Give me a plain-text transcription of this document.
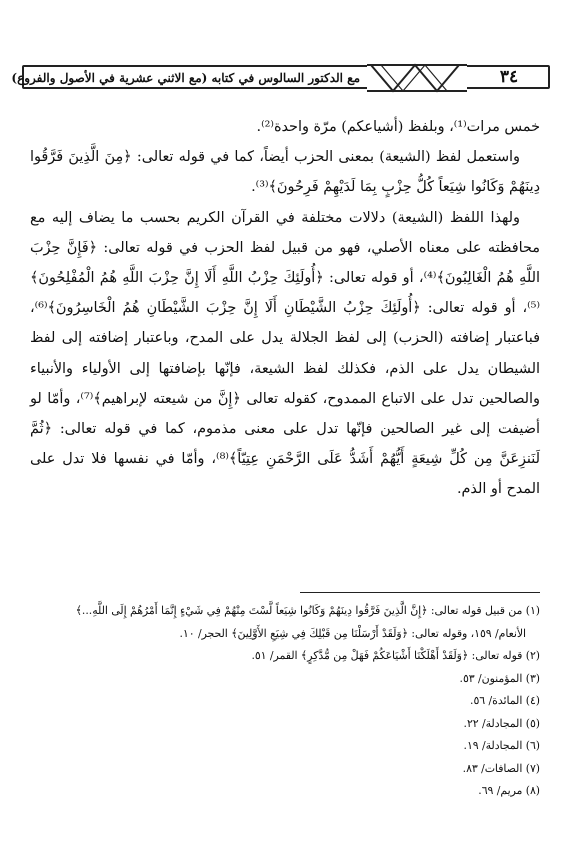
٣٤
مع الدكتور السالوس في كتابه (مع الاثني عشرية في الأصول والفروع)

خمس مرات⁽¹⁾، وبلفظ (أشياعكم) مرّة واحدة⁽²⁾.

واستعمل لفظ (الشيعة) بمعنى الحزب أيضاً، كما في قوله تعالى: ﴿مِنَ الَّذِينَ فَرَّقُوا دِينَهُمْ وَكَانُوا شِيَعاً كُلُّ حِزْبٍ بِمَا لَدَيْهِمْ فَرِحُونَ﴾⁽³⁾.

ولهذا اللفظ (الشيعة) دلالات مختلفة في القرآن الكريم بحسب ما يضاف إليه مع محافظته على معناه الأصلي، فهو من قبيل لفظ الحزب في قوله تعالى: ﴿فَإِنَّ حِزْبَ اللَّهِ هُمُ الْغَالِبُونَ﴾⁽⁴⁾، أو قوله تعالى: ﴿أُولَئِكَ حِزْبُ اللَّهِ أَلَا إِنَّ حِزْبَ اللَّهِ هُمُ الْمُفْلِحُونَ﴾⁽⁵⁾، أو قوله تعالى: ﴿أُولَئِكَ حِزْبُ الشَّيْطَانِ أَلَا إِنَّ حِزْبَ الشَّيْطَانِ هُمُ الْخَاسِرُونَ﴾⁽⁶⁾، فباعتبار إضافته (الحزب) إلى لفظ الجلالة يدل على المدح، وباعتبار إضافته إلى لفظ الشيطان يدل على الذم، فكذلك لفظ الشيعة، فإنّها بإضافتها إلى الأولياء والأنبياء والصالحين تدل على الاتباع الممدوح، كقوله تعالى ﴿إِنَّ من شيعته لإبراهيم﴾⁽⁷⁾، وأمّا لو أضيفت إلى غير الصالحين فإنّها تدل على معنى مذموم، كما في قوله تعالى: ﴿ثُمَّ لَنَنزِعَنَّ مِن كُلِّ شِيعَةٍ أَيُّهُمْ أَشَدُّ عَلَى الرَّحْمَنِ عِتِيّاً﴾⁽⁸⁾، وأمّا في نفسها فلا تدل على المدح أو الذم.

(١) من قبيل قوله تعالى: ﴿إِنَّ الَّذِينَ فَرَّقُوا دِينَهُمْ وَكَانُوا شِيَعاً لَّسْتَ مِنْهُمْ فِي شَيْءٍ إِنَّمَا أَمْرُهُمْ إِلَى اللَّهِ...﴾
الأنعام/ ١٥٩، وقوله تعالى: ﴿وَلَقَدْ أَرْسَلْنَا مِن قَبْلِكَ فِي شِيَعِ الأَوَّلِينَ﴾ الحجر/ ١٠.
(٢) قوله تعالى: ﴿وَلَقَدْ أَهْلَكْنَا أَشْيَاعَكُمْ فَهَلْ مِن مُّدَّكِرٍ﴾ القمر/ ٥١.
(٣) المؤمنون/ ٥٣.
(٤) المائدة/ ٥٦.
(٥) المجادلة/ ٢٢.
(٦) المجادلة/ ١٩.
(٧) الصافات/ ٨٣.
(٨) مريم/ ٦٩.
